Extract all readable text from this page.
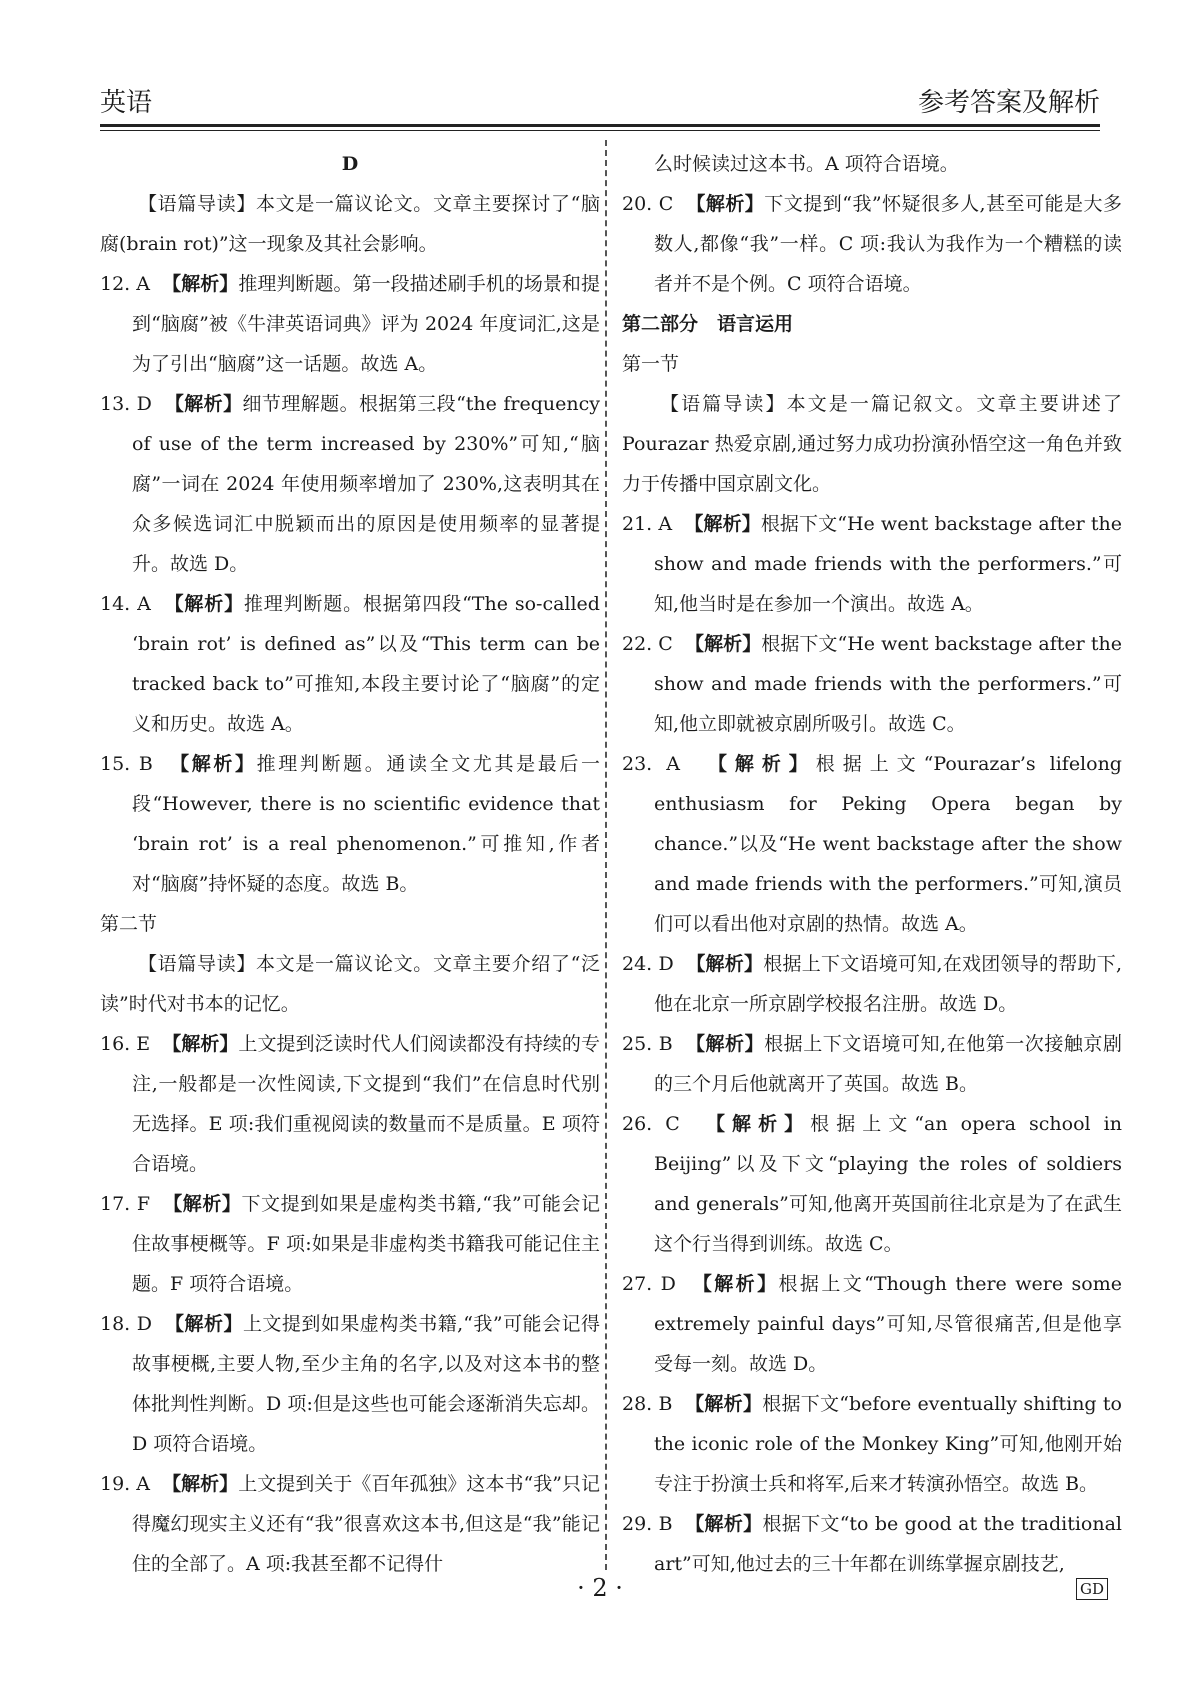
英语	参考答案及解析

D

【语篇导读】本文是一篇议论文。文章主要探讨了“脑腐(brain rot)”这一现象及其社会影响。

12. A 【解析】推理判断题。第一段描述刷手机的场景和提到“脑腐”被《牛津英语词典》评为 2024 年度词汇,这是为了引出“脑腐”这一话题。故选 A。

13. D 【解析】细节理解题。根据第三段“the frequency of use of the term increased by 230%”可知,“脑腐”一词在 2024 年使用频率增加了 230%,这表明其在众多候选词汇中脱颖而出的原因是使用频率的显著提升。故选 D。

14. A 【解析】推理判断题。根据第四段“The so-called ‘brain rot’ is defined as”以及“This term can be tracked back to”可推知,本段主要讨论了“脑腐”的定义和历史。故选 A。

15. B 【解析】推理判断题。通读全文尤其是最后一段“However, there is no scientific evidence that ‘brain rot’ is a real phenomenon.”可推知,作者对“脑腐”持怀疑的态度。故选 B。

第二节

【语篇导读】本文是一篇议论文。文章主要介绍了“泛读”时代对书本的记忆。

16. E 【解析】上文提到泛读时代人们阅读都没有持续的专注,一般都是一次性阅读,下文提到“我们”在信息时代别无选择。E 项:我们重视阅读的数量而不是质量。E 项符合语境。

17. F 【解析】下文提到如果是虚构类书籍,“我”可能会记住故事梗概等。F 项:如果是非虚构类书籍我可能记住主题。F 项符合语境。

18. D 【解析】上文提到如果虚构类书籍,“我”可能会记得故事梗概,主要人物,至少主角的名字,以及对这本书的整体批判性判断。D 项:但是这些也可能会逐渐消失忘却。D 项符合语境。

19. A 【解析】上文提到关于《百年孤独》这本书“我”只记得魔幻现实主义还有“我”很喜欢这本书,但这是“我”能记住的全部了。A 项:我甚至都不记得什

么时候读过这本书。A 项符合语境。

20. C 【解析】下文提到“我”怀疑很多人,甚至可能是大多数人,都像“我”一样。C 项:我认为我作为一个糟糕的读者并不是个例。C 项符合语境。

第二部分　语言运用

第一节

【语篇导读】本文是一篇记叙文。文章主要讲述了 Pourazar 热爱京剧,通过努力成功扮演孙悟空这一角色并致力于传播中国京剧文化。

21. A 【解析】根据下文“He went backstage after the show and made friends with the performers.”可知,他当时是在参加一个演出。故选 A。

22. C 【解析】根据下文“He went backstage after the show and made friends with the performers.”可知,他立即就被京剧所吸引。故选 C。

23. A 【解析】根据上文“Pourazar’s lifelong enthusiasm for Peking Opera began by chance.”以及“He went backstage after the show and made friends with the performers.”可知,演员们可以看出他对京剧的热情。故选 A。

24. D 【解析】根据上下文语境可知,在戏团领导的帮助下,他在北京一所京剧学校报名注册。故选 D。

25. B 【解析】根据上下文语境可知,在他第一次接触京剧的三个月后他就离开了英国。故选 B。

26. C 【解析】根据上文“an opera school in Beijing”以及下文“playing the roles of soldiers and generals”可知,他离开英国前往北京是为了在武生这个行当得到训练。故选 C。

27. D 【解析】根据上文“Though there were some extremely painful days”可知,尽管很痛苦,但是他享受每一刻。故选 D。

28. B 【解析】根据下文“before eventually shifting to the iconic role of the Monkey King”可知,他刚开始专注于扮演士兵和将军,后来才转演孙悟空。故选 B。

29. B 【解析】根据下文“to be good at the traditional art”可知,他过去的三十年都在训练掌握京剧技艺,

· 2 ·	GD
